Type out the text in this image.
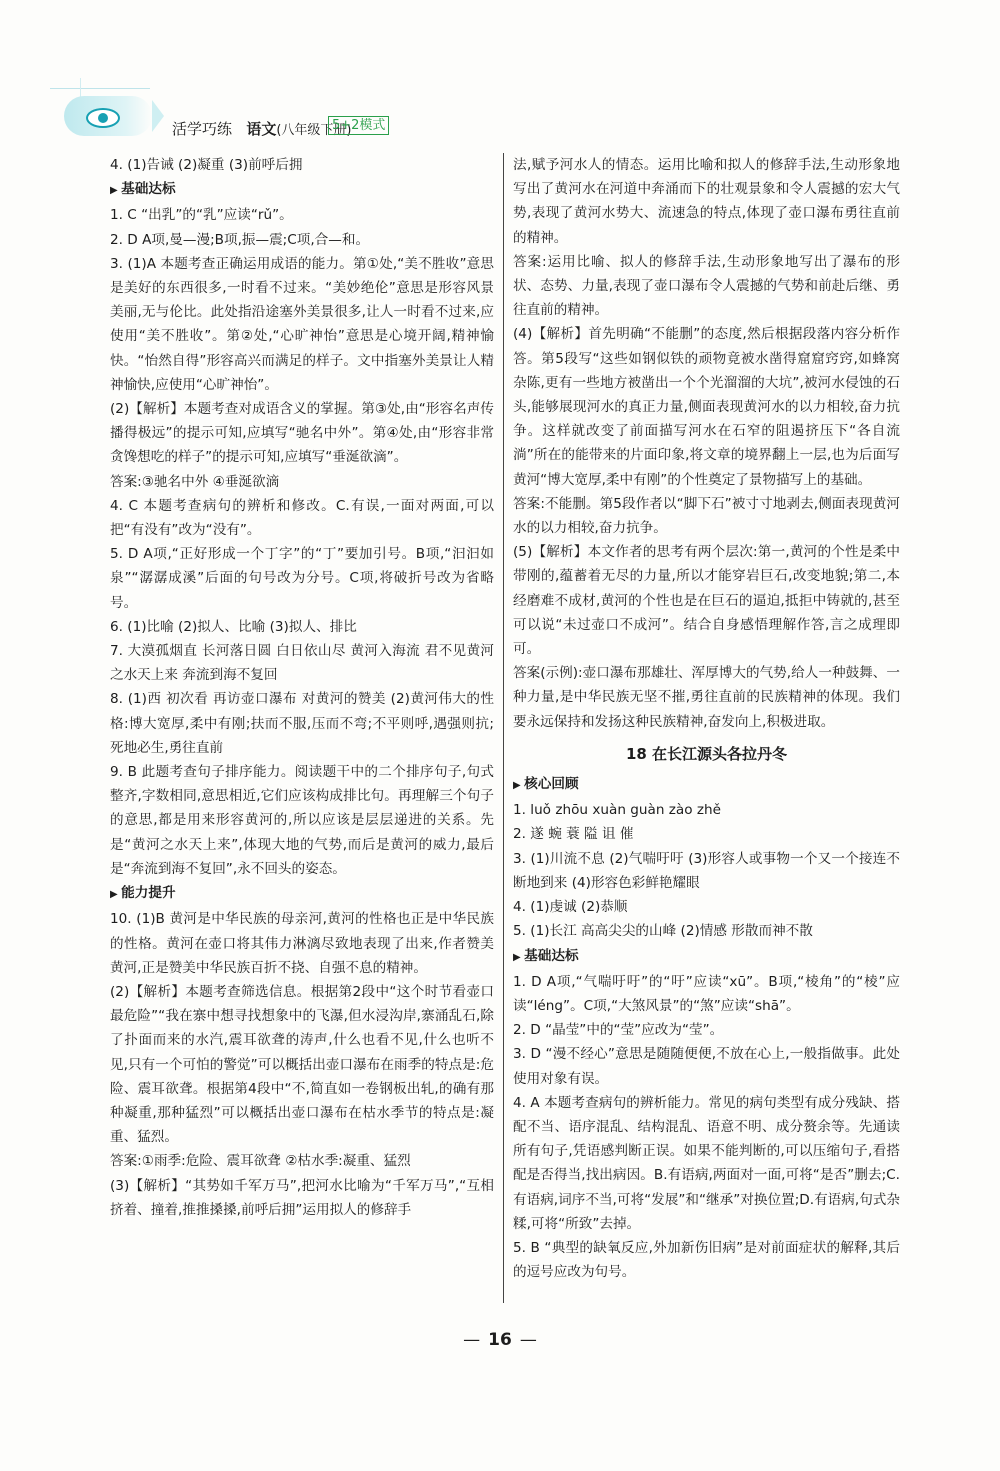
活学巧练 语文(八年级下册)
5+2模式
4. (1)告诫 (2)凝重 (3)前呼后拥
▶ 基础达标
1. C “出乳”的“乳”应读“rǔ”。
2. D A项,曼—漫;B项,振—震;C项,合—和。
3. (1)A 本题考查正确运用成语的能力。第①处,“美不胜收”意思是美好的东西很多,一时看不过来。“美妙绝伦”意思是形容风景美丽,无与伦比。此处指沿途塞外美景很多,让人一时看不过来,应使用“美不胜收”。第②处,“心旷神怡”意思是心境开阔,精神愉快。“怡然自得”形容高兴而满足的样子。文中指塞外美景让人精神愉快,应使用“心旷神怡”。
(2)【解析】本题考查对成语含义的掌握。第③处,由“形容名声传播得极远”的提示可知,应填写“驰名中外”。第④处,由“形容非常贪馋想吃的样子”的提示可知,应填写“垂涎欲滴”。
答案:③驰名中外 ④垂涎欲滴
4. C 本题考查病句的辨析和修改。C.有误,一面对两面,可以把“有没有”改为“没有”。
5. D A项,“正好形成一个丁字”的“丁”要加引号。B项,“汩汩如泉”“潺潺成溪”后面的句号改为分号。C项,将破折号改为省略号。
6. (1)比喻 (2)拟人、比喻 (3)拟人、排比
7. 大漠孤烟直 长河落日圆 白日依山尽 黄河入海流 君不见黄河之水天上来 奔流到海不复回
8. (1)西 初次看 再访壶口瀑布 对黄河的赞美 (2)黄河伟大的性格:博大宽厚,柔中有刚;扶而不服,压而不弯;不平则呼,遇强则抗;死地必生,勇往直前
9. B 此题考查句子排序能力。阅读题干中的二个排序句子,句式整齐,字数相同,意思相近,它们应该构成排比句。再理解三个句子的意思,都是用来形容黄河的,所以应该是层层递进的关系。先是“黄河之水天上来”,体现大地的气势,而后是黄河的威力,最后是“奔流到海不复回”,永不回头的姿态。
▶ 能力提升
10. (1)B 黄河是中华民族的母亲河,黄河的性格也正是中华民族的性格。黄河在壶口将其伟力淋漓尽致地表现了出来,作者赞美黄河,正是赞美中华民族百折不挠、自强不息的精神。
(2)【解析】本题考查筛选信息。根据第2段中“这个时节看壶口最危险”“我在寨中想寻找想象中的飞瀑,但水浸沟岸,寨涌乱石,除了扑面而来的水汽,震耳欲聋的涛声,什么也看不见,什么也听不见,只有一个可怕的警觉”可以概括出壶口瀑布在雨季的特点是:危险、震耳欲聋。根据第4段中“不,简直如一卷钢板出轧,的确有那种凝重,那种猛烈”可以概括出壶口瀑布在枯水季节的特点是:凝重、猛烈。
答案:①雨季:危险、震耳欲聋 ②枯水季:凝重、猛烈
(3)【解析】“其势如千军万马”,把河水比喻为“千军万马”,“互相挤着、撞着,推推搡搡,前呼后拥”运用拟人的修辞手
法,赋予河水人的情态。运用比喻和拟人的修辞手法,生动形象地写出了黄河水在河道中奔涌而下的壮观景象和令人震撼的宏大气势,表现了黄河水势大、流速急的特点,体现了壶口瀑布勇往直前的精神。
答案:运用比喻、拟人的修辞手法,生动形象地写出了瀑布的形状、态势、力量,表现了壶口瀑布令人震撼的气势和前赴后继、勇往直前的精神。
(4)【解析】首先明确“不能删”的态度,然后根据段落内容分析作答。第5段写“这些如钢似铁的顽物竟被水凿得窟窟窍窍,如蜂窝杂陈,更有一些地方被凿出一个个光溜溜的大坑”,被河水侵蚀的石头,能够展现河水的真正力量,侧面表现黄河水的以力相较,奋力抗争。这样就改变了前面描写河水在石窄的阻遏挤压下“各自流淌”所在的能带来的片面印象,将文章的境界翻上一层,也为后面写黄河“博大宽厚,柔中有刚”的个性奠定了景物描写上的基础。
答案:不能删。第5段作者以“脚下石”被寸寸地剥去,侧面表现黄河水的以力相较,奋力抗争。
(5)【解析】本文作者的思考有两个层次:第一,黄河的个性是柔中带刚的,蕴蓄着无尽的力量,所以才能穿岩巨石,改变地貌;第二,本经磨难不成材,黄河的个性也是在巨石的逼迫,抵拒中铸就的,甚至可以说“未过壶口不成河”。结合自身感悟理解作答,言之成理即可。
答案(示例):壶口瀑布那雄壮、浑厚博大的气势,给人一种鼓舞、一种力量,是中华民族无坚不摧,勇往直前的民族精神的体现。我们要永远保持和发扬这种民族精神,奋发向上,积极进取。
18 在长江源头各拉丹冬
▶ 核心回顾
1. luǒ zhōu xuàn guàn zào zhě
2. 遂 蜿 蓑 隘 诅 催
3. (1)川流不息 (2)气喘吁吁 (3)形容人或事物一个又一个接连不断地到来 (4)形容色彩鲜艳耀眼
4. (1)虔诚 (2)恭顺
5. (1)长江 高高尖尖的山峰 (2)情感 形散而神不散
▶ 基础达标
1. D A项,“气喘吁吁”的“吁”应读“xū”。B项,“棱角”的“棱”应读“léng”。C项,“大煞风景”的“煞”应读“shā”。
2. D “晶莹”中的“莹”应改为“莹”。
3. D “漫不经心”意思是随随便便,不放在心上,一般指做事。此处使用对象有误。
4. A 本题考查病句的辨析能力。常见的病句类型有成分残缺、搭配不当、语序混乱、结构混乱、语意不明、成分赘余等。先通读所有句子,凭语感判断正误。如果不能判断的,可以压缩句子,看搭配是否得当,找出病因。B.有语病,两面对一面,可将“是否”删去;C.有语病,词序不当,可将“发展”和“继承”对换位置;D.有语病,句式杂糅,可将“所致”去掉。
5. B “典型的缺氧反应,外加新伤旧病”是对前面症状的解释,其后的逗号应改为句号。
— 16 —
